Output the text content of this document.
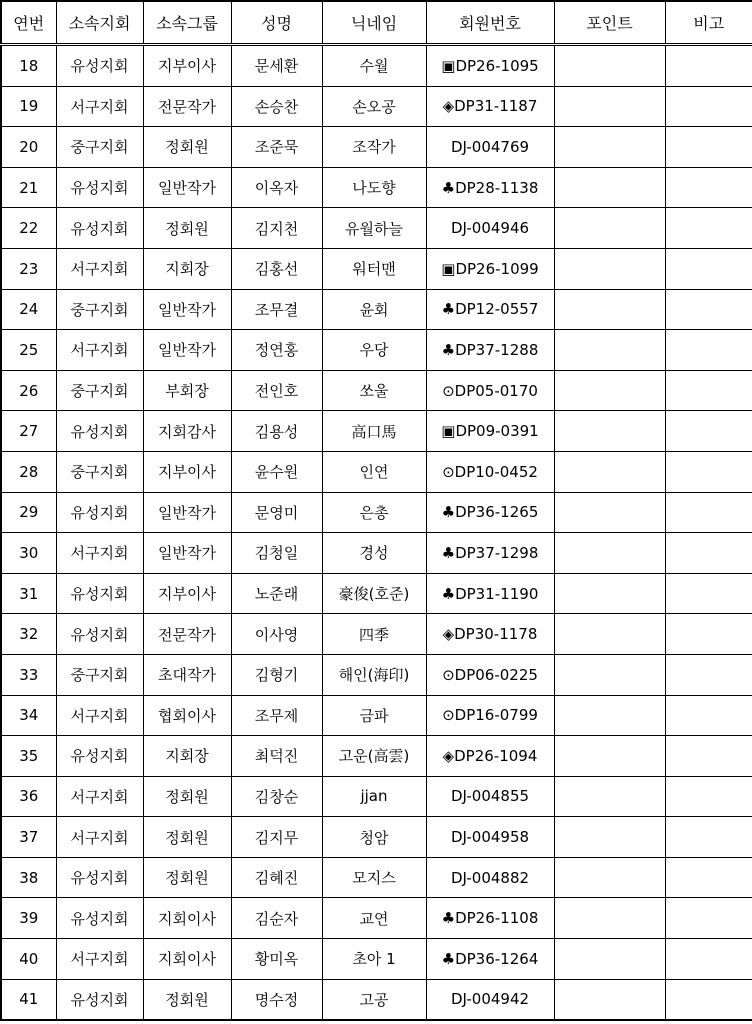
연번	소속지회	소속그룹	성명	닉네임	회원번호	포인트	비고
18	유성지회	지부이사	문세환	수월	▣DP26-1095		
19	서구지회	전문작가	손승찬	손오공	◈DP31-1187		
20	중구지회	정회원	조준묵	조작가	DJ-004769		
21	유성지회	일반작가	이옥자	나도향	♣DP28-1138		
22	유성지회	정회원	김지천	유월하늘	DJ-004946		
23	서구지회	지회장	김홍선	워터맨	▣DP26-1099		
24	중구지회	일반작가	조무결	윤회	♣DP12-0557		
25	서구지회	일반작가	정연홍	우당	♣DP37-1288		
26	중구지회	부회장	전인호	쏘울	⊙DP05-0170		
27	유성지회	지회감사	김용성	高口馬	▣DP09-0391		
28	중구지회	지부이사	윤수원	인연	⊙DP10-0452		
29	유성지회	일반작가	문영미	은총	♣DP36-1265		
30	서구지회	일반작가	김청일	경성	♣DP37-1298		
31	유성지회	지부이사	노준래	豪俊(호준)	♣DP31-1190		
32	유성지회	전문작가	이사영	四季	◈DP30-1178		
33	중구지회	초대작가	김형기	해인(海印)	⊙DP06-0225		
34	서구지회	협회이사	조무제	금파	⊙DP16-0799		
35	유성지회	지회장	최덕진	고운(高雲)	◈DP26-1094		
36	서구지회	정회원	김창순	jjan	DJ-004855		
37	서구지회	정회원	김지무	청암	DJ-004958		
38	유성지회	정회원	김혜진	모지스	DJ-004882		
39	유성지회	지회이사	김순자	교연	♣DP26-1108		
40	서구지회	지회이사	황미옥	초아 1	♣DP36-1264		
41	유성지회	정회원	명수정	고공	DJ-004942		
